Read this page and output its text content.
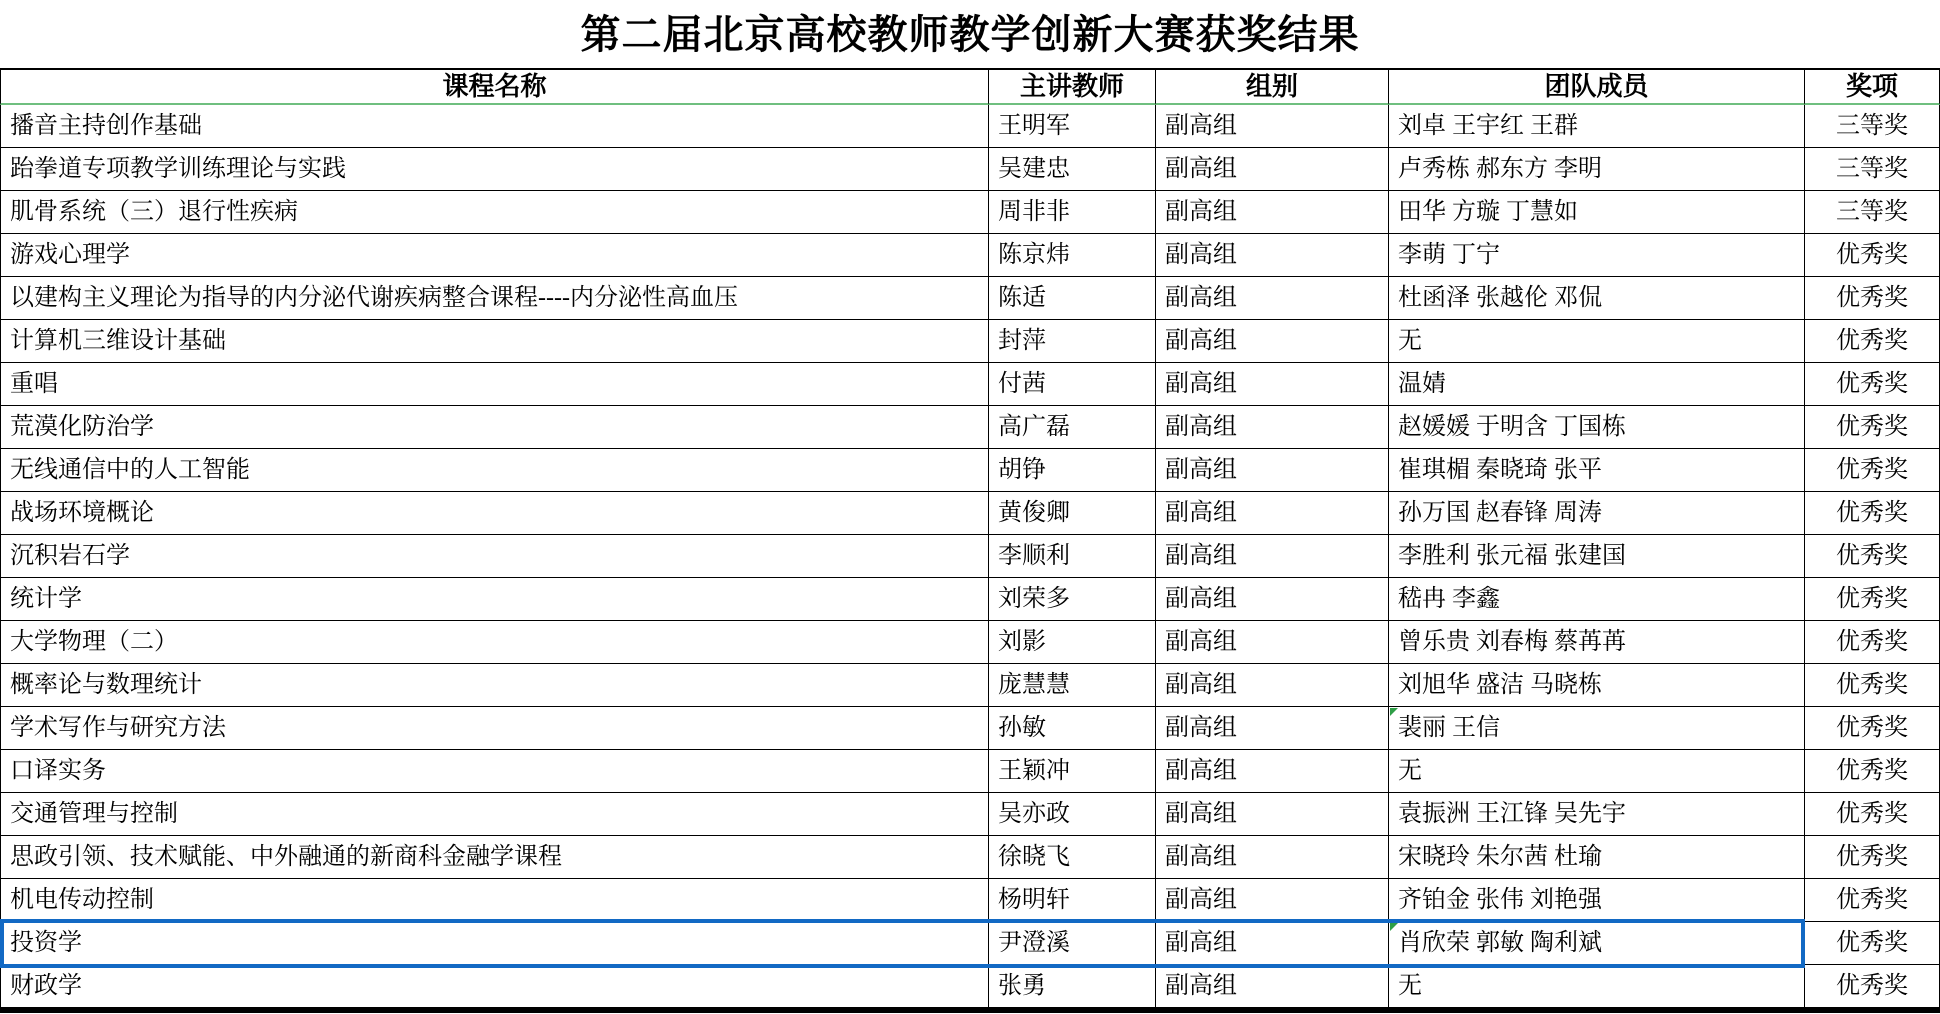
第二届北京高校教师教学创新大赛获奖结果
课程名称	主讲教师	组别	团队成员	奖项
播音主持创作基础	王明军	副高组	刘卓 王宇红 王群	三等奖
跆拳道专项教学训练理论与实践	吴建忠	副高组	卢秀栋 郝东方 李明	三等奖
肌骨系统（三）退行性疾病	周非非	副高组	田华 方璇 丁慧如	三等奖
游戏心理学	陈京炜	副高组	李萌 丁宁	优秀奖
以建构主义理论为指导的内分泌代谢疾病整合课程----内分泌性高血压	陈适	副高组	杜函泽 张越伦 邓侃	优秀奖
计算机三维设计基础	封萍	副高组	无	优秀奖
重唱	付茜	副高组	温婧	优秀奖
荒漠化防治学	高广磊	副高组	赵媛媛 于明含 丁国栋	优秀奖
无线通信中的人工智能	胡铮	副高组	崔琪楣 秦晓琦 张平	优秀奖
战场环境概论	黄俊卿	副高组	孙万国 赵春锋 周涛	优秀奖
沉积岩石学	李顺利	副高组	李胜利 张元福 张建国	优秀奖
统计学	刘荣多	副高组	嵇冉 李鑫	优秀奖
大学物理（二）	刘影	副高组	曾乐贵 刘春梅 蔡苒苒	优秀奖
概率论与数理统计	庞慧慧	副高组	刘旭华 盛洁 马晓栋	优秀奖
学术写作与研究方法	孙敏	副高组	裴丽 王信	优秀奖
口译实务	王颖冲	副高组	无	优秀奖
交通管理与控制	吴亦政	副高组	袁振洲 王江锋 吴先宇	优秀奖
思政引领、技术赋能、中外融通的新商科金融学课程	徐晓飞	副高组	宋晓玲 朱尔茜 杜瑜	优秀奖
机电传动控制	杨明轩	副高组	齐铂金 张伟 刘艳强	优秀奖
投资学	尹澄溪	副高组	肖欣荣 郭敏 陶利斌	优秀奖
财政学	张勇	副高组	无	优秀奖
